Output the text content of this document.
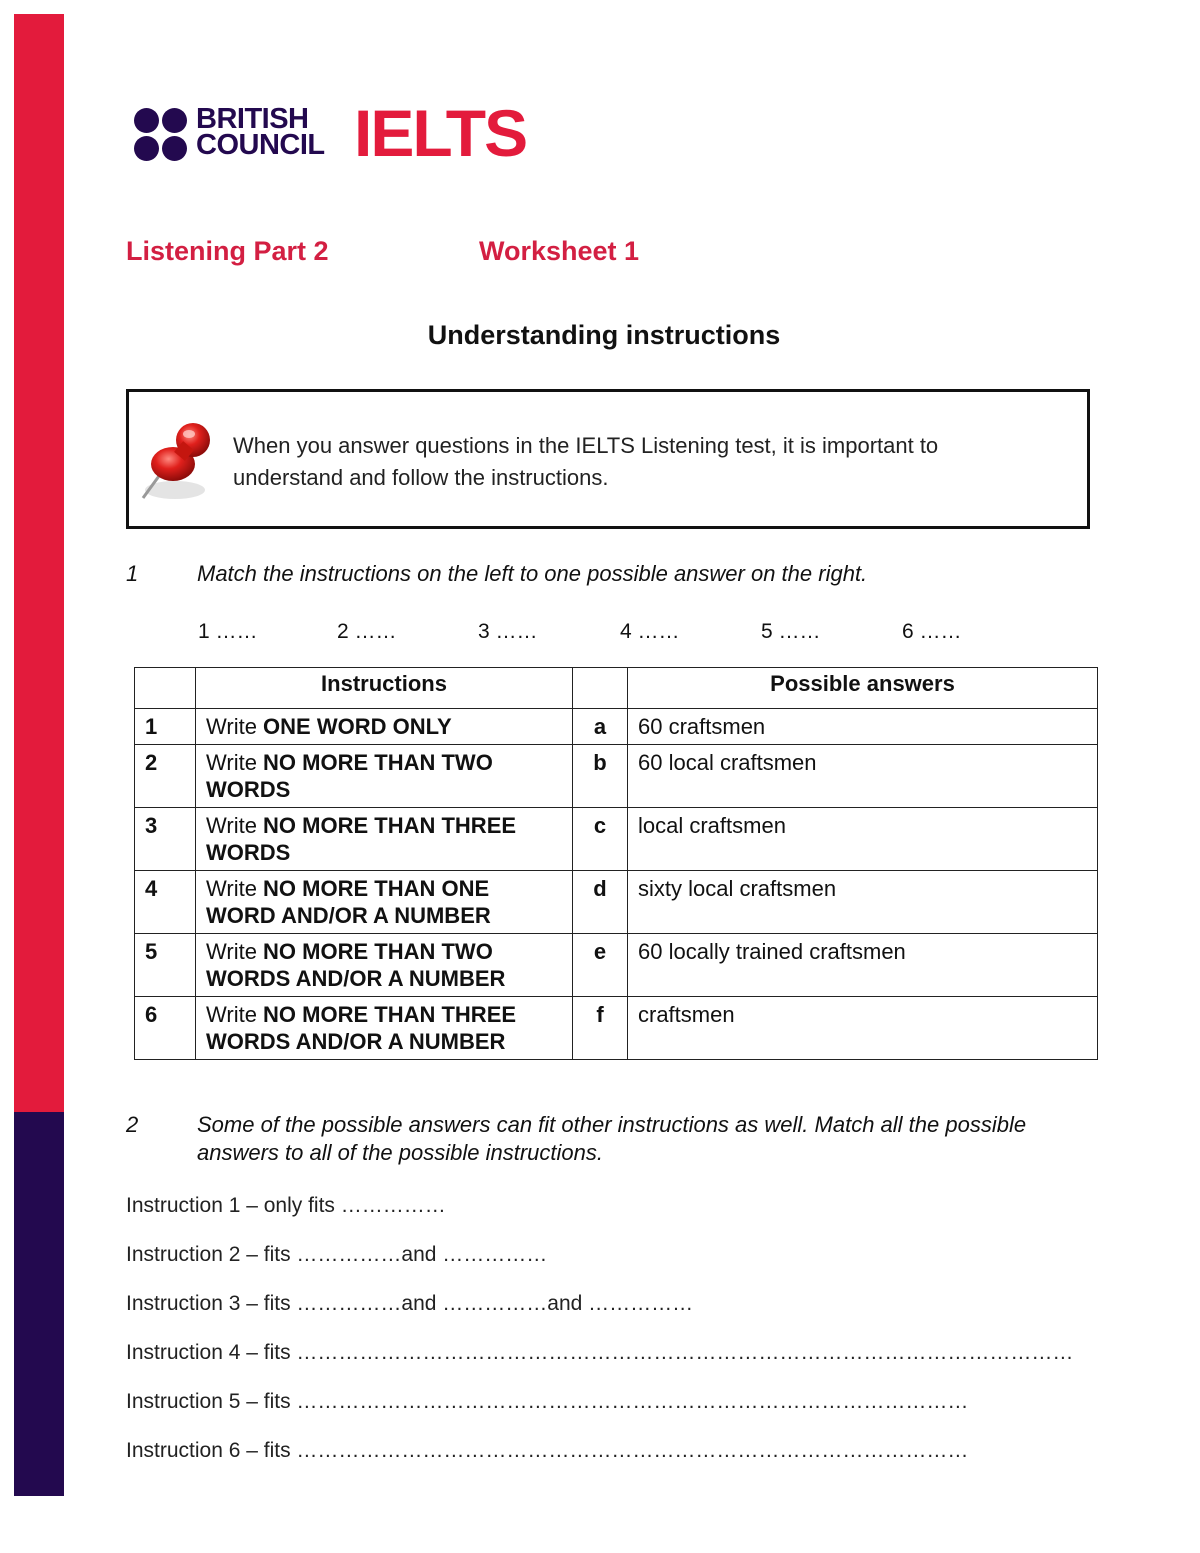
BRITISH
COUNCIL IELTS
Listening Part 2	Worksheet 1
Understanding instructions
When you answer questions in the IELTS Listening test, it is important to understand and follow the instructions.
1	Match the instructions on the left to one possible answer on the right.
1 ……	2 ……	3 ……	4 ……	5 ……	6 ……
	Instructions		Possible answers
1	Write ONE WORD ONLY	a	60 craftsmen
2	Write NO MORE THAN TWO WORDS	b	60 local craftsmen
3	Write NO MORE THAN THREE WORDS	c	local craftsmen
4	Write NO MORE THAN ONE WORD AND/OR A NUMBER	d	sixty local craftsmen
5	Write NO MORE THAN TWO WORDS AND/OR A NUMBER	e	60 locally trained craftsmen
6	Write NO MORE THAN THREE WORDS AND/OR A NUMBER	f	craftsmen
2	Some of the possible answers can fit other instructions as well. Match all the possible answers to all of the possible instructions.
Instruction 1 – only fits ……………
Instruction 2 – fits ……………and ……………
Instruction 3 – fits ……………and ……………and ……………
Instruction 4 – fits …………………………………………………………………………………………………
Instruction 5 – fits ……………………………………………………………………………………
Instruction 6 – fits ……………………………………………………………………………………
